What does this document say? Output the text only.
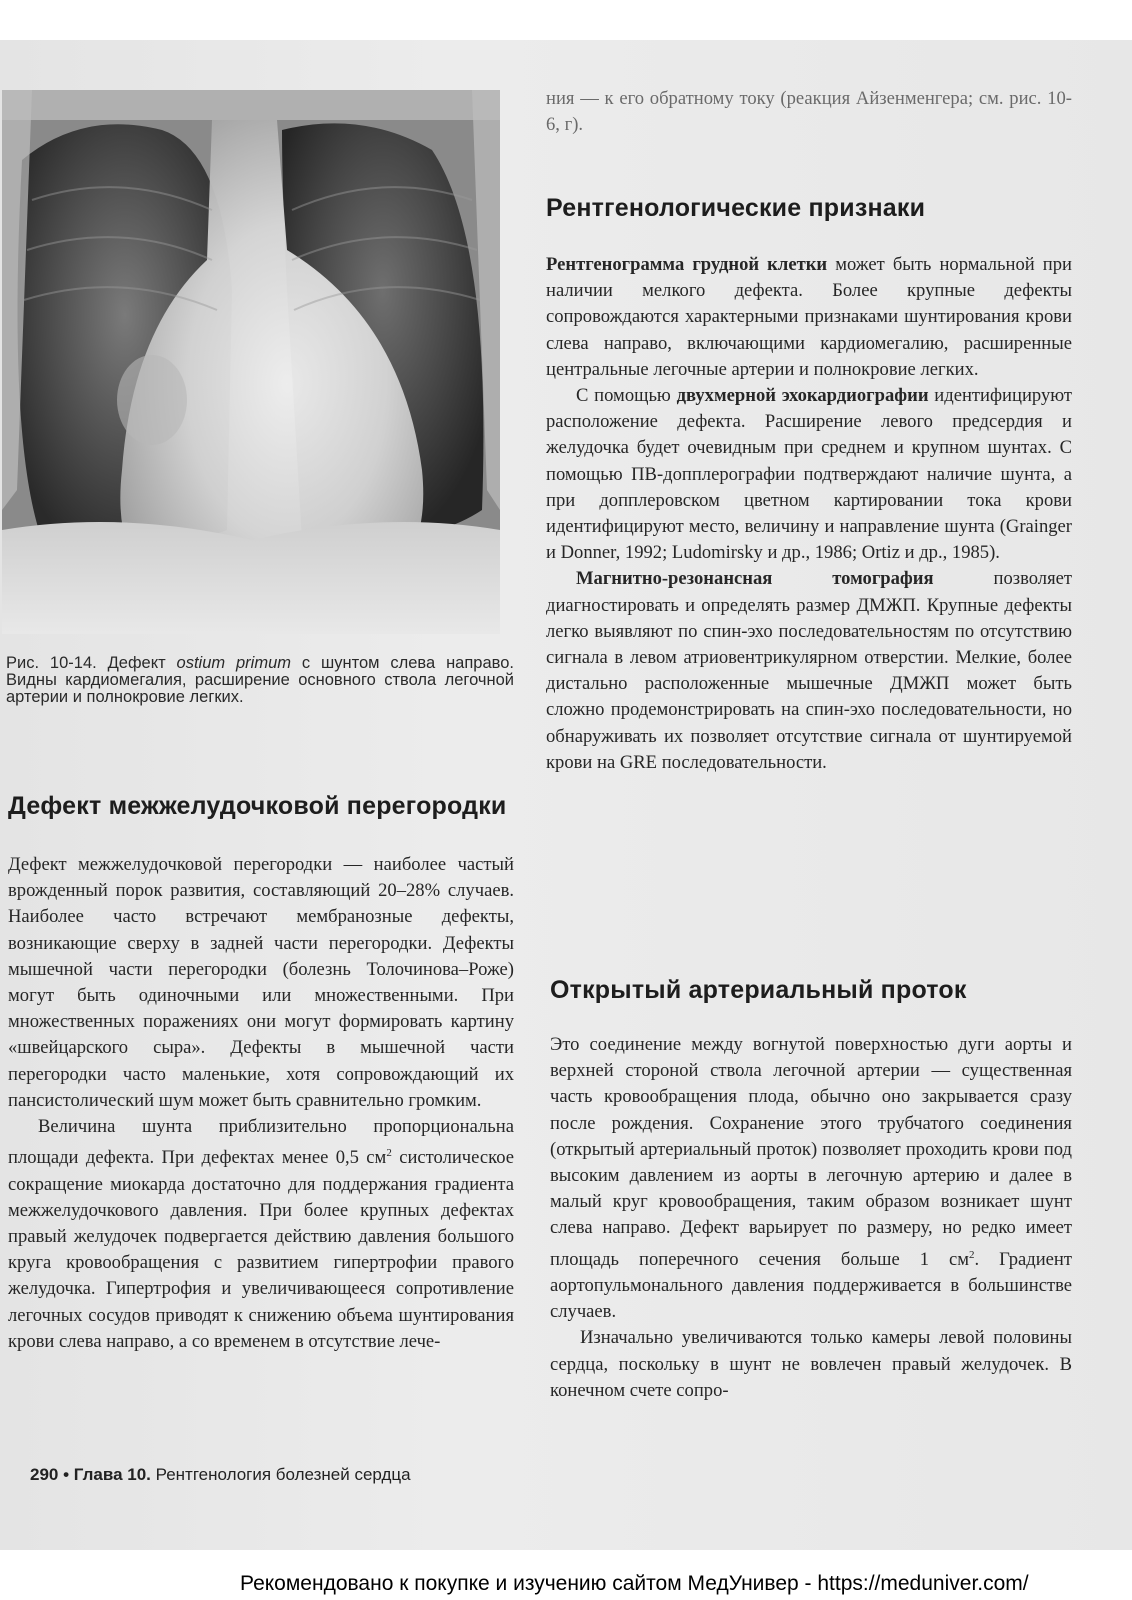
Рис. 10-14. Дефект ostium primum с шунтом слева направо. Видны кардиомегалия, расширение основного ствола легочной артерии и полнокровие легких.
Дефект межжелудочковой перегородки

Дефект межжелудочковой перегородки — наиболее частый врожденный порок развития, составляющий 20–28% случаев. Наиболее часто встречают мембранозные дефекты, возникающие сверху в задней части перегородки. Дефекты мышечной части перегородки (болезнь Толочинова–Роже) могут быть одиночными или множественными. При множественных поражениях они могут формировать картину «швейцарского сыра». Дефекты в мышечной части перегородки часто маленькие, хотя сопровождающий их пансистолический шум может быть сравнительно громким.

Величина шунта приблизительно пропорциональна площади дефекта. При дефектах менее 0,5 $см^2$ систолическое сокращение миокарда достаточно для поддержания градиента межжелудочкового давления. При более крупных дефектах правый желудочек подвергается действию давления большого круга кровообращения с развитием гипертрофии правого желудочка. Гипертрофия и увеличивающееся сопротивление легочных сосудов приводят к снижению объема шунтирования крови слева направо, а со временем в отсутствие лече-

ния — к его обратному току (реакция Айзенменгера; см. рис. 10-6, г).
Рентгенологические признаки

Рентгенограмма грудной клетки может быть нормальной при наличии мелкого дефекта. Более крупные дефекты сопровождаются характерными признаками шунтирования крови слева направо, включающими кардиомегалию, расширенные центральные легочные артерии и полнокровие легких.

С помощью двухмерной эхокардиографии идентифицируют расположение дефекта. Расширение левого предсердия и желудочка будет очевидным при среднем и крупном шунтах. С помощью ПВ-допплерографии подтверждают наличие шунта, а при допплеровском цветном картировании тока крови идентифицируют место, величину и направление шунта (Grainger и Donner, 1992; Ludomirsky и др., 1986; Ortiz и др., 1985).

Магнитно-резонансная томография позволяет диагностировать и определять размер ДМЖП. Крупные дефекты легко выявляют по спин-эхо последовательностям по отсутствию сигнала в левом атриовентрикулярном отверстии. Мелкие, более дистально расположенные мышечные ДМЖП может быть сложно продемонстрировать на спин-эхо последовательности, но обнаруживать их позволяет отсутствие сигнала от шунтируемой крови на GRE последовательности.

Открытый артериальный проток

Это соединение между вогнутой поверхностью дуги аорты и верхней стороной ствола легочной артерии — существенная часть кровообращения плода, обычно оно закрывается сразу после рождения. Сохранение этого трубчатого соединения (открытый артериальный проток) позволяет проходить крови под высоким давлением из аорты в легочную артерию и далее в малый круг кровообращения, таким образом возникает шунт слева направо. Дефект варьирует по размеру, но редко имеет площадь поперечного сечения больше 1 $см^2$. Градиент аортопульмонального давления поддерживается в большинстве случаев.

Изначально увеличиваются только камеры левой половины сердца, поскольку в шунт не вовлечен правый желудочек. В конечном счете сопро-

290 • Глава 10. Рентгенология болезней сердца
Рекомендовано к покупке и изучению сайтом МедУнивер - https://meduniver.com/
